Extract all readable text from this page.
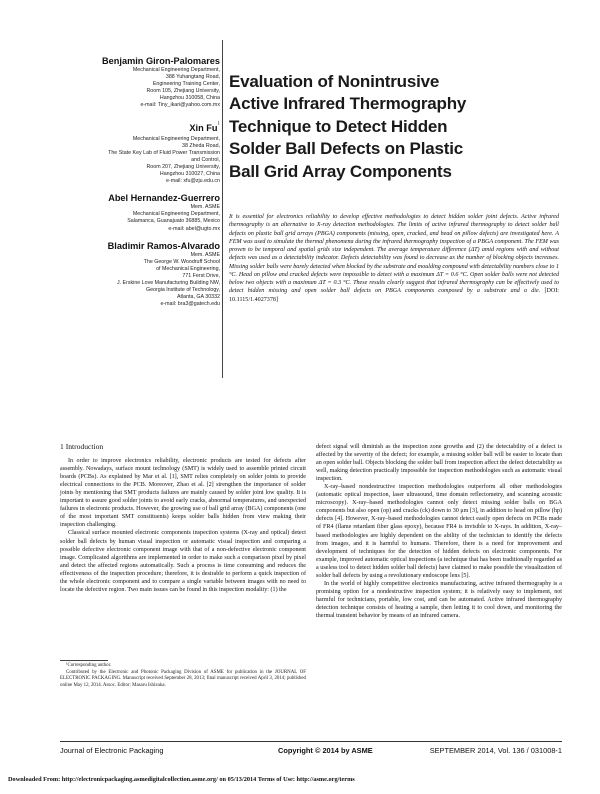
Benjamin Giron-Palomares
Mechanical Engineering Department,
388 Yuhangtang Road,
Engineering Training Center,
Room 105, Zhejiang University,
Hangzhou 310058, China
e-mail: Tiny_ikari@yahoo.com.mx
Xin Fu$^1$

Mechanical Engineering Department,
38 Zheda Road,
The State Key Lab of Fluid Power Transmission
and Control,
Room 207, Zhejiang University,
Hangzhou 310027, China
e-mail: xfu@zju.edu.cn
Abel Hernandez-Guerrero
Mem. ASME
Mechanical Engineering Department,
Salamanca, Guanajuato 36885, Mexico
e-mail: abel@ugto.mx
Bladimir Ramos-Alvarado
Mem. ASME
The George W. Woodruff School
of Mechanical Engineering,
771 Ferst Drive,
J. Erskine Love Manufacturing Building NW,
Georgia Institute of Technology,
Atlanta, GA 30332
e-mail: bra3@gatech.edu
Evaluation of Nonintrusive
Active Infrared Thermography
Technique to Detect Hidden
Solder Ball Defects on Plastic
Ball Grid Array Components
It is essential for electronics reliability to develop effective methodologies to detect hidden solder joint defects. Active infrared thermography is an alternative to X-ray detection methodologies. The limits of active infrared thermography to detect solder ball defects on plastic ball grid arrays (PBGA) components (missing, open, cracked, and head on pillow defects) are investigated here. A FEM was used to simulate the thermal phenomena during the infrared thermography inspection of a PBGA component. The FEM was proven to be temporal and spatial grids size independent. The average temperature difference (ΔT) amid regions with and without defects was used as a detectability indicator. Defects detectability was found to decrease as the number of blocking objects increases. Missing solder balls were barely detected when blocked by the substrate and moulding compound with detectability numbers close to 1 °C. Head on pillow and cracked defects were impossible to detect with a maximum ΔT = 0.6 °C. Open solder balls were not detected below two objects with a maximum ΔT = 0.3 °C. These results clearly suggest that infrared thermography can be effectively used to detect hidden missing and open solder ball defects on PBGA components composed by a substrate and a die. [DOI: 10.1115/1.4027378]
1 Introduction

In order to improve electronics reliability, electronic products are tested for defects after assembly. Nowadays, surface mount technology (SMT) is widely used to assemble printed circuit boards (PCBs). As explained by Mar et al. [1], SMT relies completely on solder joints to provide electrical connections to the PCB. Moreover, Zhao et al. [2] strengthen the importance of solder joints by mentioning that SMT products failures are mainly caused by solder joint low quality. It is important to assure good solder joints to avoid early cracks, abnormal temperatures, and unexpected failures in electronic products. However, the growing use of ball grid array (BGA) components (one of the most important SMT constituents) keeps solder balls hidden from view making their inspection challenging.

Classical surface mounted electronic components inspection systems (X-ray and optical) detect solder ball defects by human visual inspection or automatic visual inspection and comparing a possible defective electronic component image with that of a non-defective electronic component image. Complicated algorithms are implemented in order to make such a comparison pixel by pixel and detect the affected regions automatically. Such a process is time consuming and reduces the effectiveness of the inspection procedure; therefore, it is desirable to perform a quick inspection of the whole electronic component and to compare a single variable between images with no need to locate the defective region. Two main issues can be found in this inspection modality: (1) the

defect signal will diminish as the inspection zone growths and (2) the detectability of a defect is affected by the severity of the defect; for example, a missing solder ball will be easier to locate than an open solder ball. Objects blocking the solder ball from inspection affect the defect detectability as well, making detection practically impossible for inspection methodologies such as automatic visual inspection.

X-ray–based nondestructive inspection methodologies outperform all other methodologies (automatic optical inspection, laser ultrasound, time domain reflectometry, and scanning acoustic microscopy). X-ray–based methodologies cannot only detect missing solder balls on BGA components but also open (op) and cracks (ck) down to 30 μm [3], in addition to head on pillow (hp) defects [4]. However, X-ray–based methodologies cannot detect easily open defects on PCBs made of FR4 (flame retardant fiber glass epoxy), because FR4 is invisible to X-rays. In addition, X-ray–based methodologies are highly dependent on the ability of the technician to identify the defects from images, and it is harmful to humans. Therefore, there is a need for improvement and development of techniques for the detection of hidden defects on electronic components. For example, improved automatic optical inspections (a technique that has been traditionally regarded as a useless tool to detect hidden solder ball defects) have claimed to make possible the visualization of solder ball defects by using a revolutionary endoscope lens [5].

In the world of highly competitive electronics manufacturing, active infrared thermography is a promising option for a nondestructive inspection system; it is relatively easy to implement, not harmful for technicians, portable, low cost, and can be automated. Active infrared thermography detection technique consists of heating a sample, then letting it to cool down, and monitoring the thermal transient behavior by means of an infrared camera.

¹Corresponding author.

Contributed by the Electronic and Photonic Packaging Division of ASME for publication in the JOURNAL OF ELECTRONIC PACKAGING. Manuscript received September 28, 2013; final manuscript received April 3, 2014; published online May 12, 2014. Assoc. Editor: Masaru Ishizuka.

Journal of Electronic Packaging	Copyright © 2014 by ASME	SEPTEMBER 2014, Vol. 136 / 031008-1
Downloaded From: http://electronicpackaging.asmedigitalcollection.asme.org/ on 05/13/2014 Terms of Use: http://asme.org/terms
